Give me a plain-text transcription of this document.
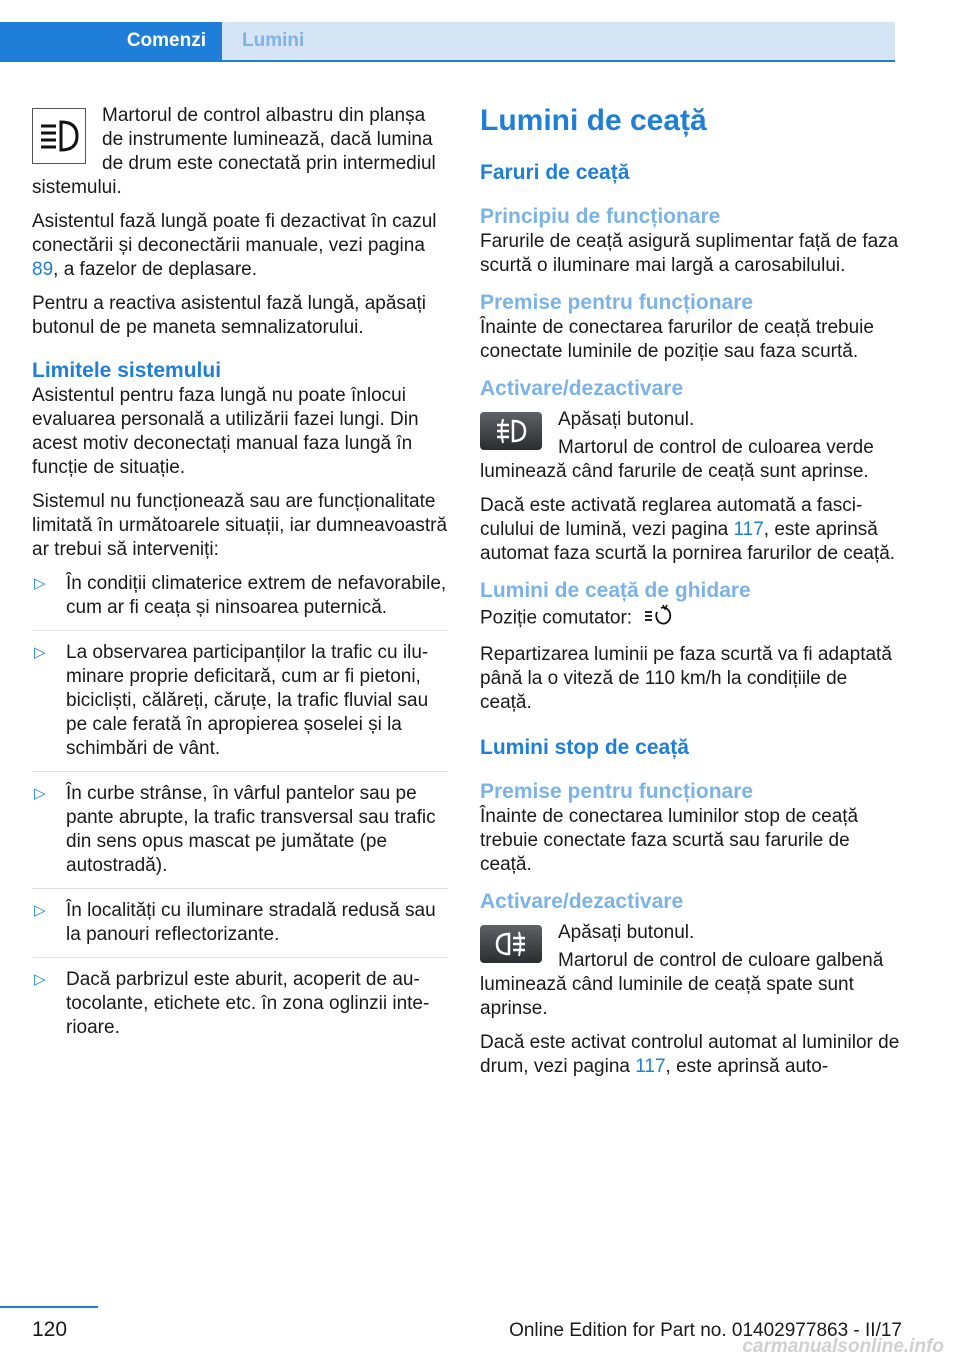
Comenzi	Lumini

Martorul de control albastru din planșa de instrumente luminează, dacă lumina de drum este conectată prin intermediul sistemului.

Asistentul fază lungă poate fi dezactivat în cazul conectării și deconectării manuale, vezi pagina 89, a fazelor de deplasare.

Pentru a reactiva asistentul fază lungă, apăsați butonul de pe maneta semnalizatorului.

Limitele sistemului

Asistentul pentru faza lungă nu poate înlocui evaluarea personală a utilizării fazei lungi. Din acest motiv deconectați manual faza lungă în funcție de situație.

Sistemul nu funcționează sau are funcționalitate limitată în următoarele situații, iar dumneavoastră ar trebui să interveniți:

▷ În condiții climaterice extrem de nefavorabile, cum ar fi ceața și ninsoarea puternică.
▷ La observarea participanților la trafic cu iluminare proprie deficitară, cum ar fi pietoni, bicicliști, călăreți, căruțe, la trafic fluvial sau pe cale ferată în apropierea șoselei și la schimbări de vânt.
▷ În curbe strânse, în vârful pantelor sau pe pante abrupte, la trafic transversal sau trafic din sens opus mascat pe jumătate (pe autostradă).
▷ În localități cu iluminare stradală redusă sau la panouri reflectorizante.
▷ Dacă parbrizul este aburit, acoperit de autocolante, etichete etc. în zona oglinzii interioare.
Lumini de ceață
Faruri de ceață
Principiu de funcționare

Farurile de ceață asigură suplimentar față de faza scurtă o iluminare mai largă a carosabilului.

Premise pentru funcționare

Înainte de conectarea farurilor de ceață trebuie conectate luminile de poziție sau faza scurtă.

Activare/dezactivare

Apăsați butonul.

Martorul de control de culoarea verde luminează când farurile de ceață sunt aprinse.

Dacă este activată reglarea automată a fasciculului de lumină, vezi pagina 117, este aprinsă automat faza scurtă la pornirea farurilor de ceață.

Lumini de ceață de ghidare

Poziție comutator:

Repartizarea luminii pe faza scurtă va fi adaptată până la o viteză de 110 km/h la condițiile de ceață.

Lumini stop de ceață
Premise pentru funcționare

Înainte de conectarea luminilor stop de ceață trebuie conectate faza scurtă sau farurile de ceață.

Activare/dezactivare

Apăsați butonul.

Martorul de control de culoare galbenă luminează când luminile de ceață spate sunt aprinse.

Dacă este activat controlul automat al luminilor de drum, vezi pagina 117, este aprinsă auto-

120	Online Edition for Part no. 01402977863 - II/17
carmanualsonline.info
